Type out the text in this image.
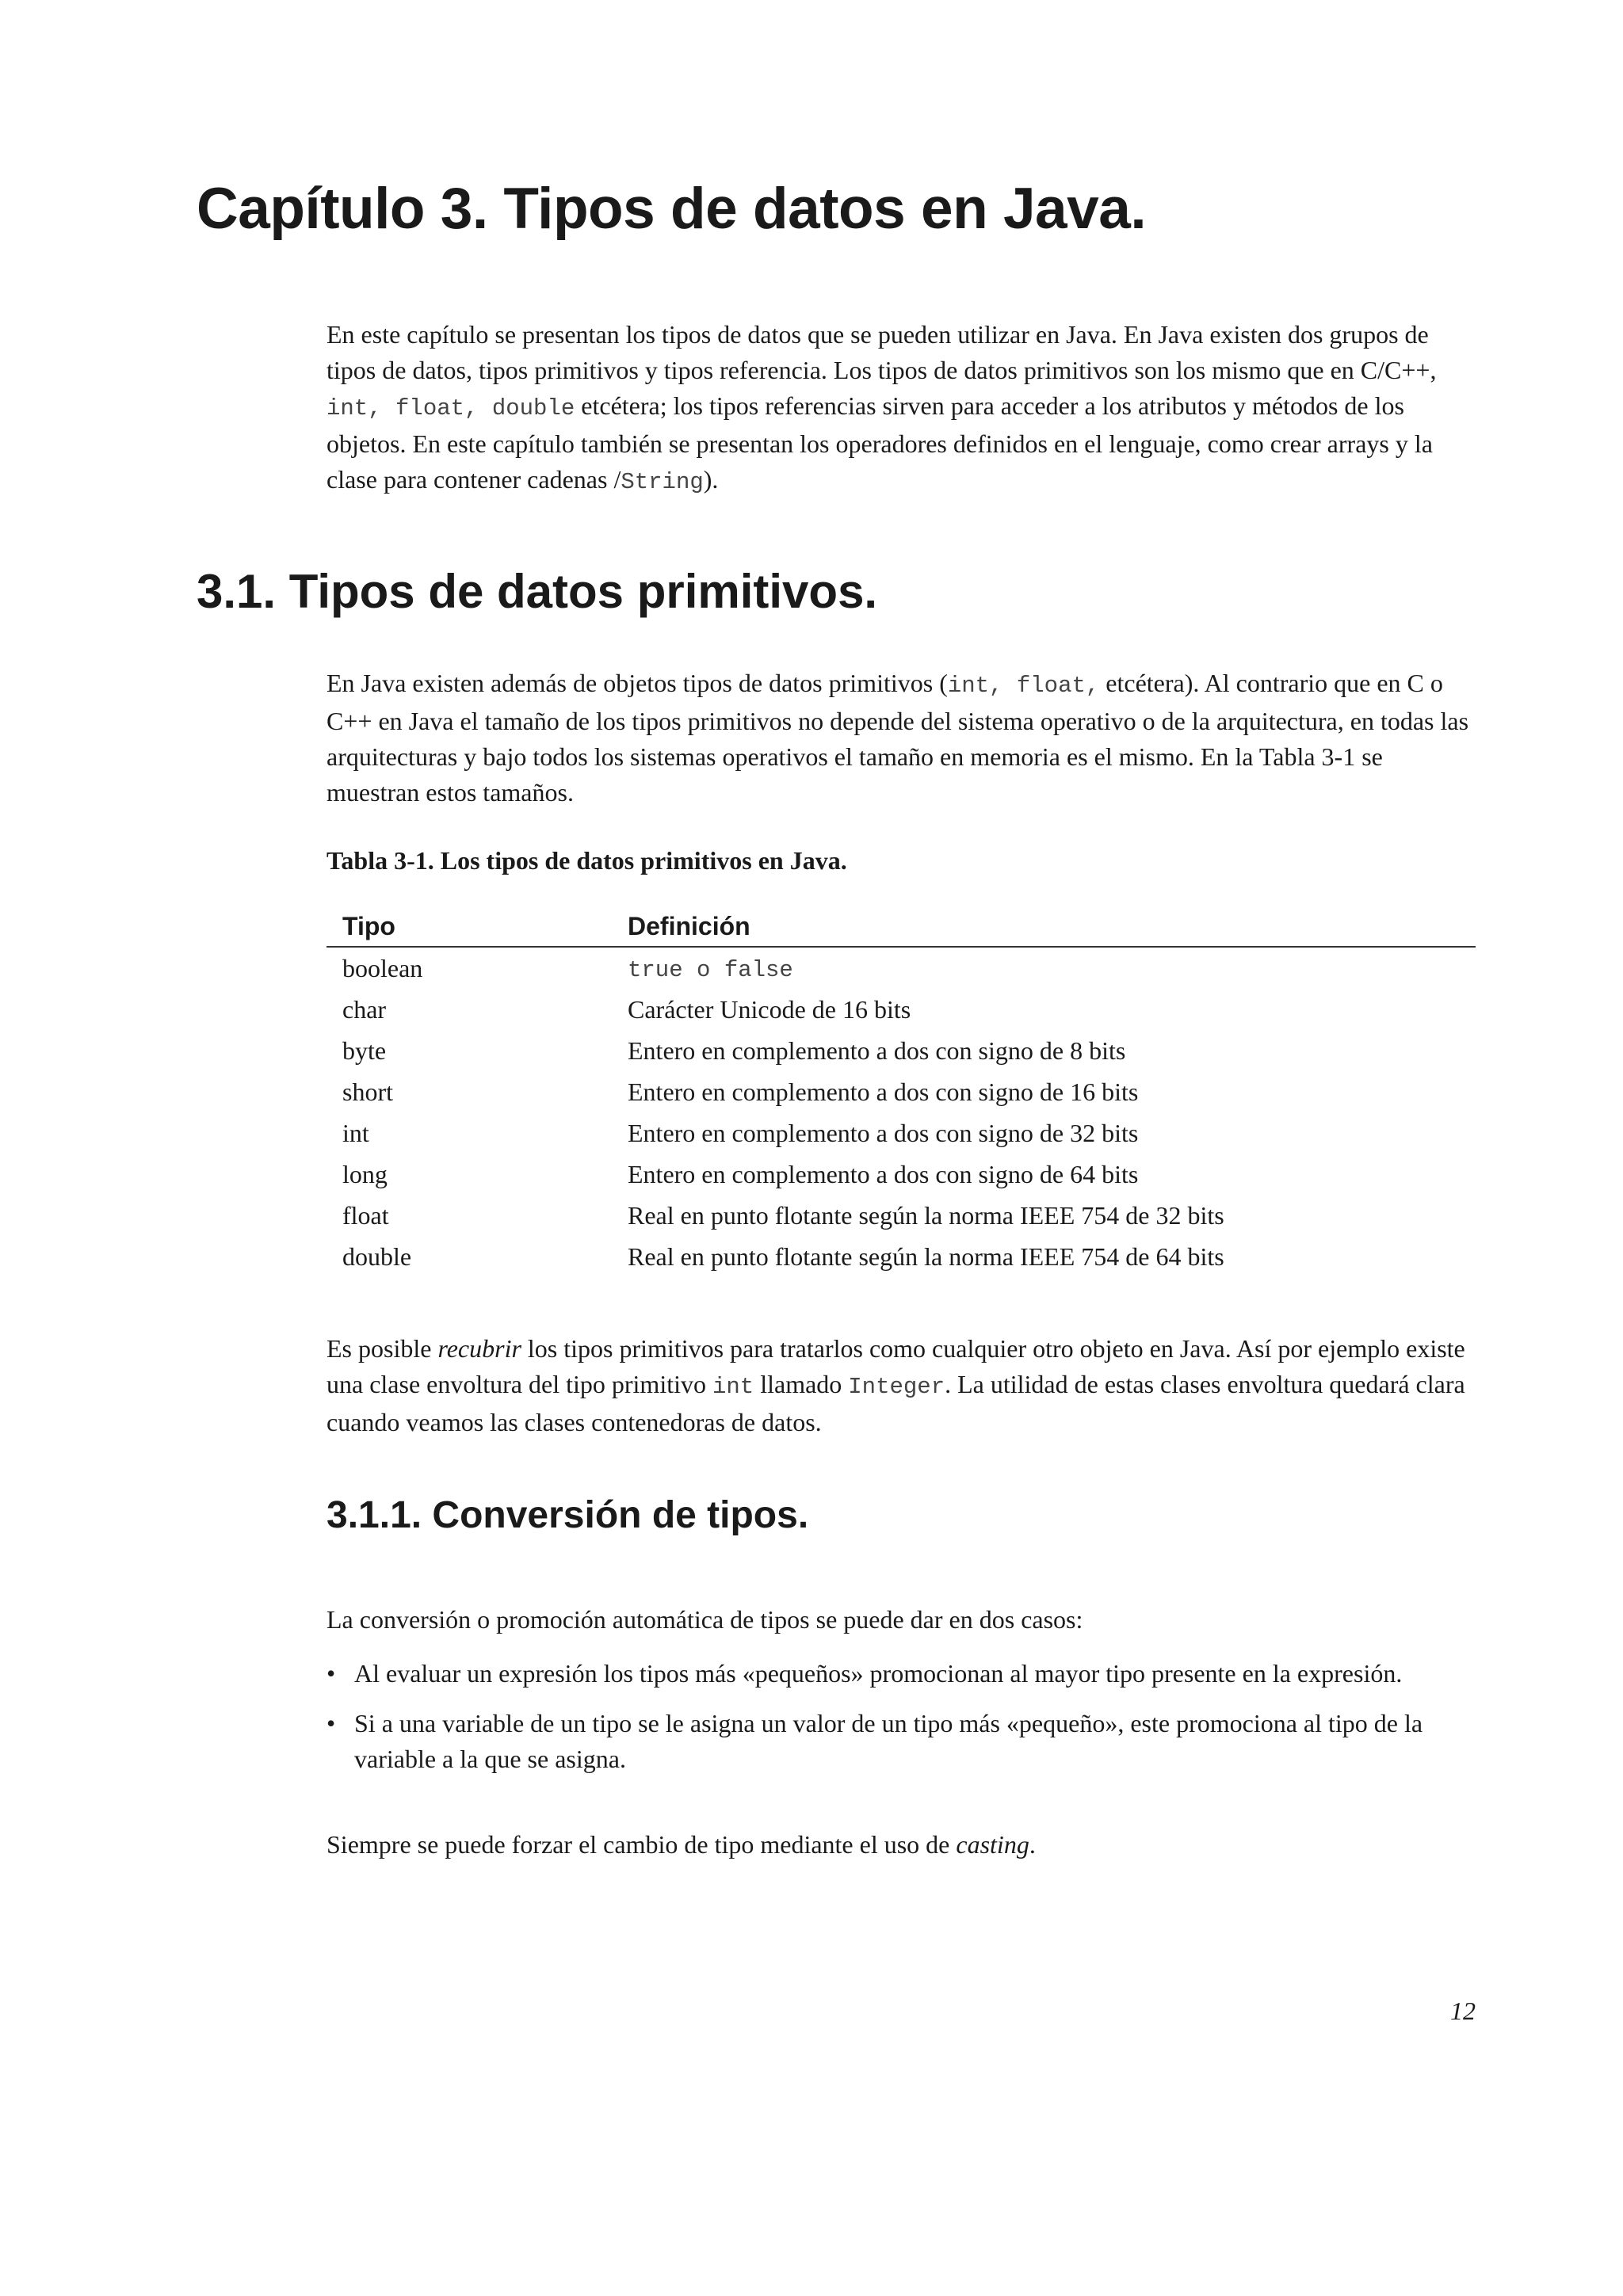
Capítulo 3. Tipos de datos en Java.

En este capítulo se presentan los tipos de datos que se pueden utilizar en Java. En Java existen dos grupos de tipos de datos, tipos primitivos y tipos referencia. Los tipos de datos primitivos son los mismo que en C/C++, int, float, double etcétera; los tipos referencias sirven para acceder a los atributos y métodos de los objetos. En este capítulo también se presentan los operadores definidos en el lenguaje, como crear arrays y la clase para contener cadenas /String).

3.1. Tipos de datos primitivos.

En Java existen además de objetos tipos de datos primitivos (int, float, etcétera). Al contrario que en C o C++ en Java el tamaño de los tipos primitivos no depende del sistema operativo o de la arquitectura, en todas las arquitecturas y bajo todos los sistemas operativos el tamaño en memoria es el mismo. En la Tabla 3-1 se muestran estos tamaños.

Tabla 3-1. Los tipos de datos primitivos en Java.

Tipo	Definición
boolean	true o false
char	Carácter Unicode de 16 bits
byte	Entero en complemento a dos con signo de 8 bits
short	Entero en complemento a dos con signo de 16 bits
int	Entero en complemento a dos con signo de 32 bits
long	Entero en complemento a dos con signo de 64 bits
float	Real en punto flotante según la norma IEEE 754 de 32 bits
double	Real en punto flotante según la norma IEEE 754 de 64 bits

Es posible recubrir los tipos primitivos para tratarlos como cualquier otro objeto en Java. Así por ejemplo existe una clase envoltura del tipo primitivo int llamado Integer. La utilidad de estas clases envoltura quedará clara cuando veamos las clases contenedoras de datos.

3.1.1. Conversión de tipos.

La conversión o promoción automática de tipos se puede dar en dos casos:

• Al evaluar un expresión los tipos más «pequeños» promocionan al mayor tipo presente en la expresión.
• Si a una variable de un tipo se le asigna un valor de un tipo más «pequeño», este promociona al tipo de la variable a la que se asigna.

Siempre se puede forzar el cambio de tipo mediante el uso de casting.

12
